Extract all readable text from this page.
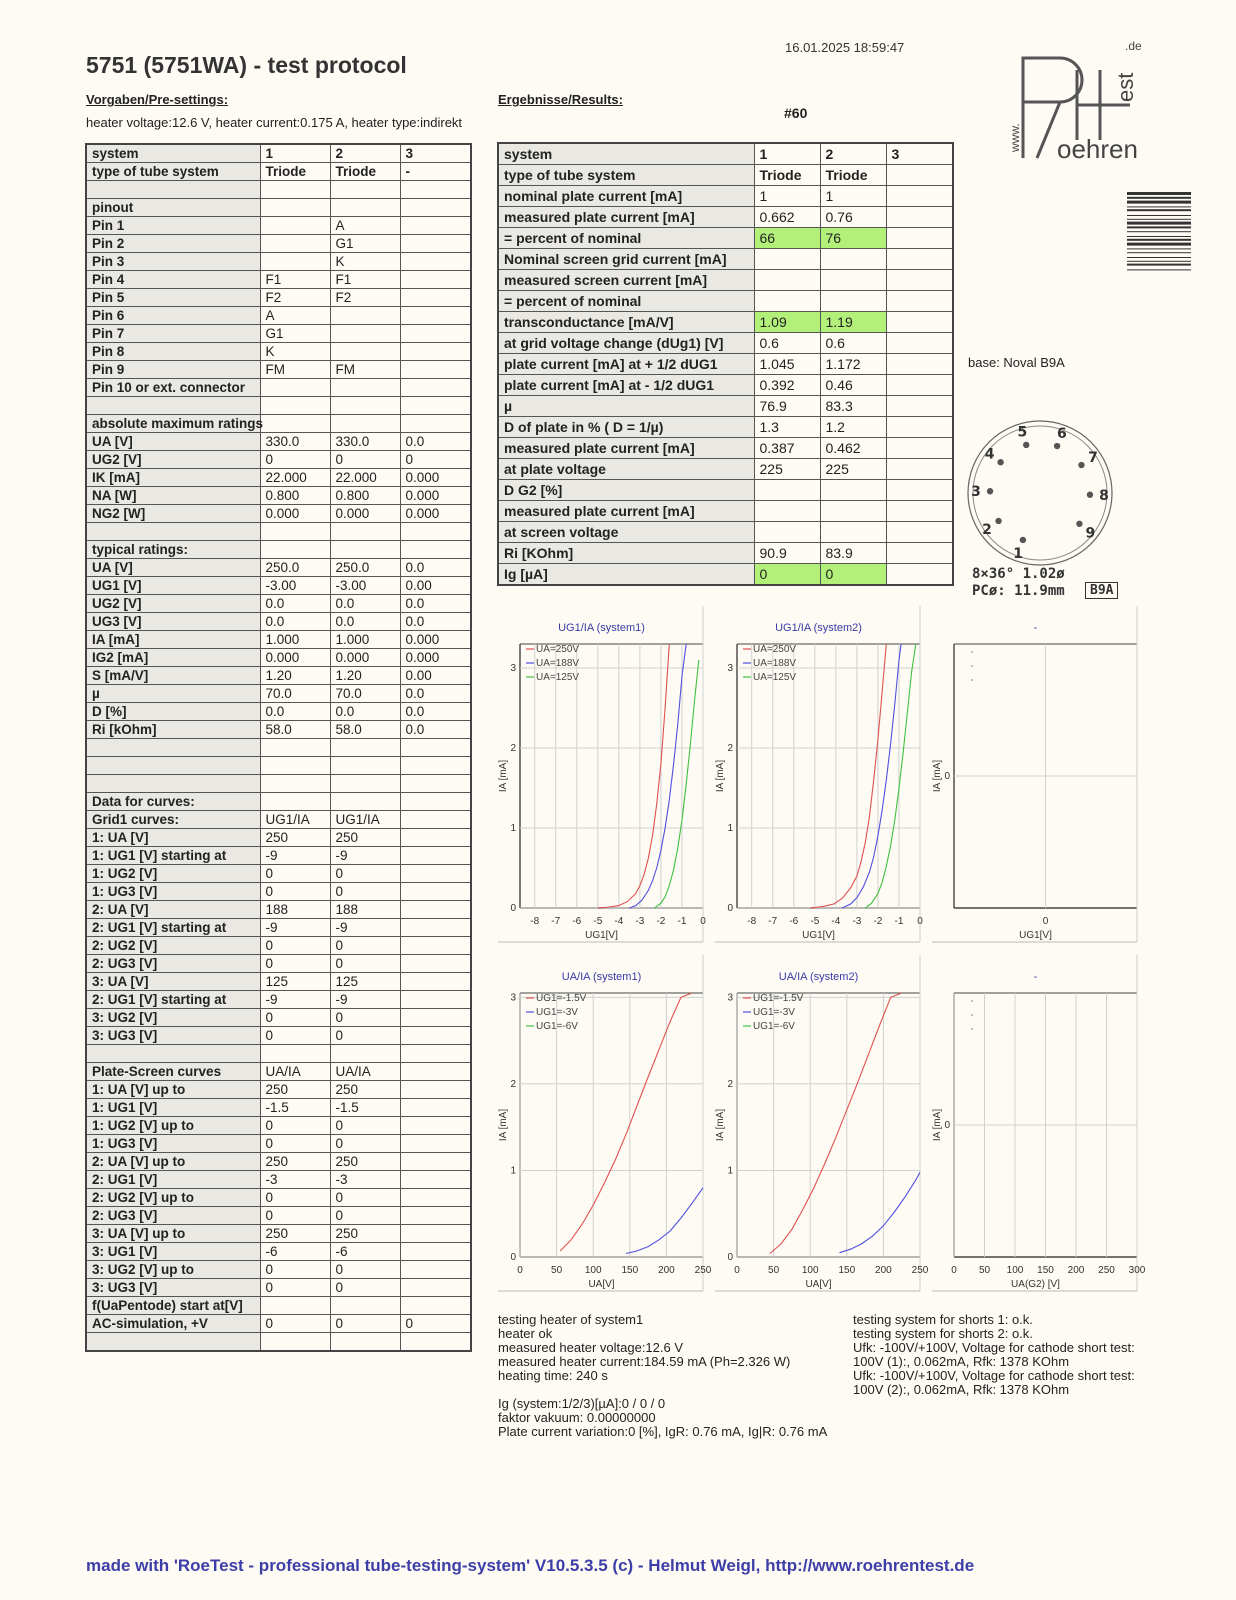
5751 (5751WA) - test protocol
16.01.2025 18:59:47
Vorgaben/Pre-settings:
heater voltage:12.6 V, heater current:0.175 A, heater type:indirekt
Ergebnisse/Results:
#60
www. oehren
est
.de
system	1	2	3
type of tube system	Triode	Triode	-

pinout			
Pin 1		A	
Pin 2		G1	
Pin 3		K	
Pin 4	F1	F1	
Pin 5	F2	F2	
Pin 6	A		
Pin 7	G1		
Pin 8	K		
Pin 9	FM	FM	
Pin 10 or ext. connector			

absolute maximum ratings			
UA [V]	330.0	330.0	0.0
UG2 [V]	0	0	0
IK [mA]	22.000	22.000	0.000
NA [W]	0.800	0.800	0.000
NG2 [W]	0.000	0.000	0.000

typical ratings:			
UA [V]	250.0	250.0	0.0
UG1 [V]	-3.00	-3.00	0.00
UG2 [V]	0.0	0.0	0.0
UG3 [V]	0.0	0.0	0.0
IA [mA]	1.000	1.000	0.000
IG2 [mA]	0.000	0.000	0.000
S [mA/V]	1.20	1.20	0.00
µ	70.0	70.0	0.0
D [%]	0.0	0.0	0.0
Ri [kOhm]	58.0	58.0	0.0

Data for curves:			
Grid1 curves:	UG1/IA	UG1/IA	
1: UA [V]	250	250	
1: UG1 [V] starting at	-9	-9	
1: UG2 [V]	0	0	
1: UG3 [V]	0	0	
2: UA [V]	188	188	
2: UG1 [V] starting at	-9	-9	
2: UG2 [V]	0	0	
2: UG3 [V]	0	0	
3: UA [V]	125	125	
2: UG1 [V] starting at	-9	-9	
3: UG2 [V]	0	0	
3: UG3 [V]	0	0	

Plate-Screen curves	UA/IA	UA/IA	
1: UA [V] up to	250	250	
1: UG1 [V]	-1.5	-1.5	
1: UG2 [V] up to	0	0	
1: UG3 [V]	0	0	
2: UA [V] up to	250	250	
2: UG1 [V]	-3	-3	
2: UG2 [V] up to	0	0	
2: UG3 [V]	0	0	
3: UA [V] up to	250	250	
3: UG1 [V]	-6	-6	
3: UG2 [V] up to	0	0	
3: UG3 [V]	0	0	
f(UaPentode) start at[V]			
AC-simulation, +V	0	0	0

system	1	2	3
type of tube system	Triode	Triode	
nominal plate current [mA]	1	1	
measured plate current [mA]	0.662	0.76	
= percent of nominal	66	76	
Nominal screen grid current [mA]			
measured screen current [mA]			
= percent of nominal			
transconductance [mA/V]	1.09	1.19	
at grid voltage change (dUg1) [V]	0.6	0.6	
plate current [mA] at + 1/2 dUG1	1.045	1.172	
plate current [mA] at - 1/2 dUG1	0.392	0.46	
µ	76.9	83.3	
D of plate in % ( D = 1/µ)	1.3	1.2	
measured plate current [mA]	0.387	0.462	
at plate voltage	225	225	
D G2 [%]			
measured plate current [mA]			
at screen voltage			
Ri [KOhm]	90.9	83.9	
Ig [µA]	0	0	
base: Noval B9A
1
2
3
4
5 6
7
8
9
8×36° 1.02ø
PCø: 11.9mm	B9A
-8 -7 -6 -5 -4 -3 -2 -1 0
0
1
2
3
UG1/IA (system1)
UG1[V]
IA [mA]
UA=250V
UA=188V
UA=125V
-8 -7 -6 -5 -4 -3 -2 -1 0
0
1
2
3
UG1/IA (system2)
UG1[V]
IA [mA]
UA=250V
UA=188V
UA=125V
0
0
-
UG1[V]
IA [mA]
0	50 100 150 200 250
0
1
2
3
UA/IA (system1)
UA[V]
IA [mA]
UG1=-1.5V
UG1=-3V
UG1=-6V
0	50 100 150 200 250
0
1
2
3
UA/IA (system2)
UA[V]
IA [mA]
UG1=-1.5V
UG1=-3V
UG1=-6V
0 50 100 150 200 250 300
0
-
UA(G2) [V]
IA [mA]
testing heater of system1
heater ok
measured heater voltage:12.6 V
measured heater current:184.59 mA (Ph=2.326 W)
heating time: 240 s

Ig (system:1/2/3)[µA]:0 / 0 / 0
faktor vakuum: 0.00000000
Plate current variation:0 [%], IgR: 0.76 mA, Ig|R: 0.76 mA
testing system for shorts 1: o.k.
testing system for shorts 2: o.k.
Ufk: -100V/+100V, Voltage for cathode short test:
100V (1):, 0.062mA, Rfk: 1378 KOhm
Ufk: -100V/+100V, Voltage for cathode short test:
100V (2):, 0.062mA, Rfk: 1378 KOhm
made with 'RoeTest - professional tube-testing-system' V10.5.3.5 (c) - Helmut Weigl, http://www.roehrentest.de
